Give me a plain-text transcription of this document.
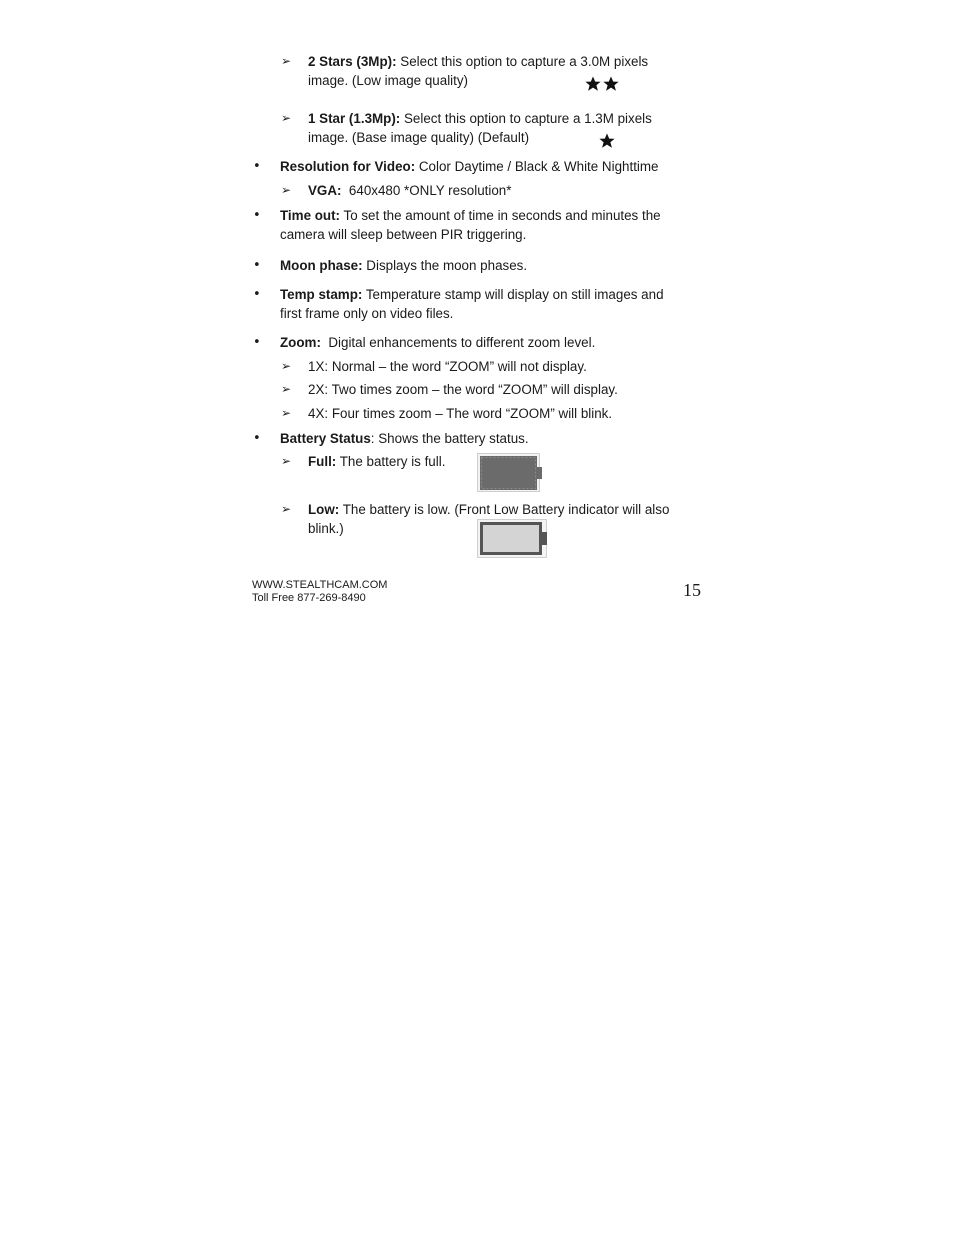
➢ 2 Stars (3Mp): Select this option to capture a 3.0M pixels
image. (Low image quality)
➢ 1 Star (1.3Mp): Select this option to capture a 1.3M pixels
image. (Base image quality) (Default)
• Resolution for Video: Color Daytime / Black & White Nighttime
➢ VGA:  640x480 *ONLY resolution*
• Time out: To set the amount of time in seconds and minutes the
camera will sleep between PIR triggering.
• Moon phase: Displays the moon phases.
• Temp stamp: Temperature stamp will display on still images and
first frame only on video files.
• Zoom:  Digital enhancements to different zoom level.
➢ 1X: Normal – the word “ZOOM” will not display.
➢ 2X: Two times zoom – the word “ZOOM” will display.
➢ 4X: Four times zoom – The word “ZOOM” will blink.
• Battery Status: Shows the battery status.
➢ Full: The battery is full.
➢ Low: The battery is low. (Front Low Battery indicator will also
blink.)
WWW.STEALTHCAM.COM
Toll Free 877-269-8490	15
